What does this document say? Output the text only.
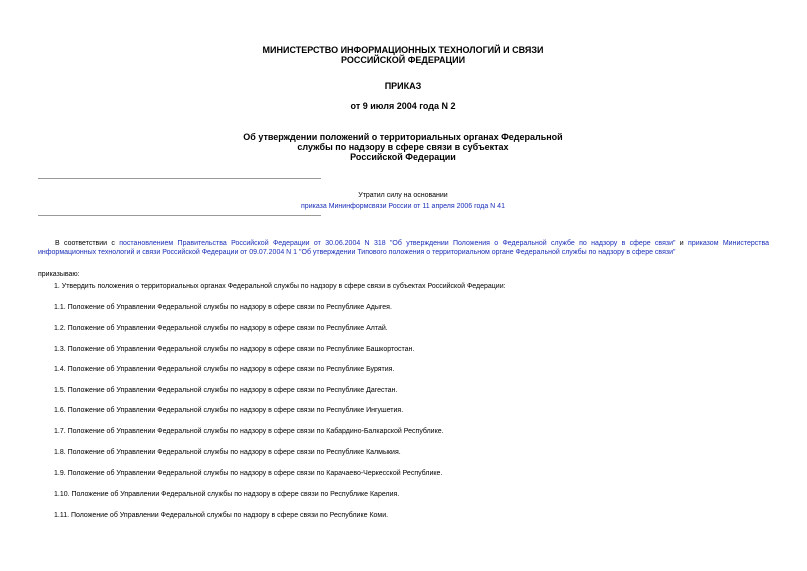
МИНИСТЕРСТВО ИНФОРМАЦИОННЫХ ТЕХНОЛОГИЙ И СВЯЗИ
РОССИЙСКОЙ ФЕДЕРАЦИИ
ПРИКАЗ
от 9 июля 2004 года N 2
Об утверждении положений о территориальных органах Федеральной
службы по надзору в сфере связи в субъектах
Российской Федерации
Утратил силу на основании
приказа Мининформсвязи России от 11 апреля 2006 года N 41
В соответствии с постановлением Правительства Российской Федерации от 30.06.2004 N 318 "Об утверждении Положения о Федеральной службе по надзору в сфере связи" и приказом Министерства информационных технологий и связи Российской Федерации от 09.07.2004 N 1 "Об утверждении Типового положения о территориальном органе Федеральной службы по надзору в сфере связи"
приказываю:
1. Утвердить положения о территориальных органах Федеральной службы по надзору в сфере связи в субъектах Российской Федерации:
1.1. Положение об Управлении Федеральной службы по надзору в сфере связи по Республике Адыгея.
1.2. Положение об Управлении Федеральной службы по надзору в сфере связи по Республике Алтай.
1.3. Положение об Управлении Федеральной службы по надзору в сфере связи по Республике Башкортостан.
1.4. Положение об Управлении Федеральной службы по надзору в сфере связи по Республике Бурятия.
1.5. Положение об Управлении Федеральной службы по надзору в сфере связи по Республике Дагестан.
1.6. Положение об Управлении Федеральной службы по надзору в сфере связи по Республике Ингушетия.
1.7. Положение об Управлении Федеральной службы по надзору в сфере связи по Кабардино-Балкарской Республике.
1.8. Положение об Управлении Федеральной службы по надзору в сфере связи по Республике Калмыкия.
1.9. Положение об Управлении Федеральной службы по надзору в сфере связи по Карачаево-Черкесской Республике.
1.10. Положение об Управлении Федеральной службы по надзору в сфере связи по Республике Карелия.
1.11. Положение об Управлении Федеральной службы по надзору в сфере связи по Республике Коми.
